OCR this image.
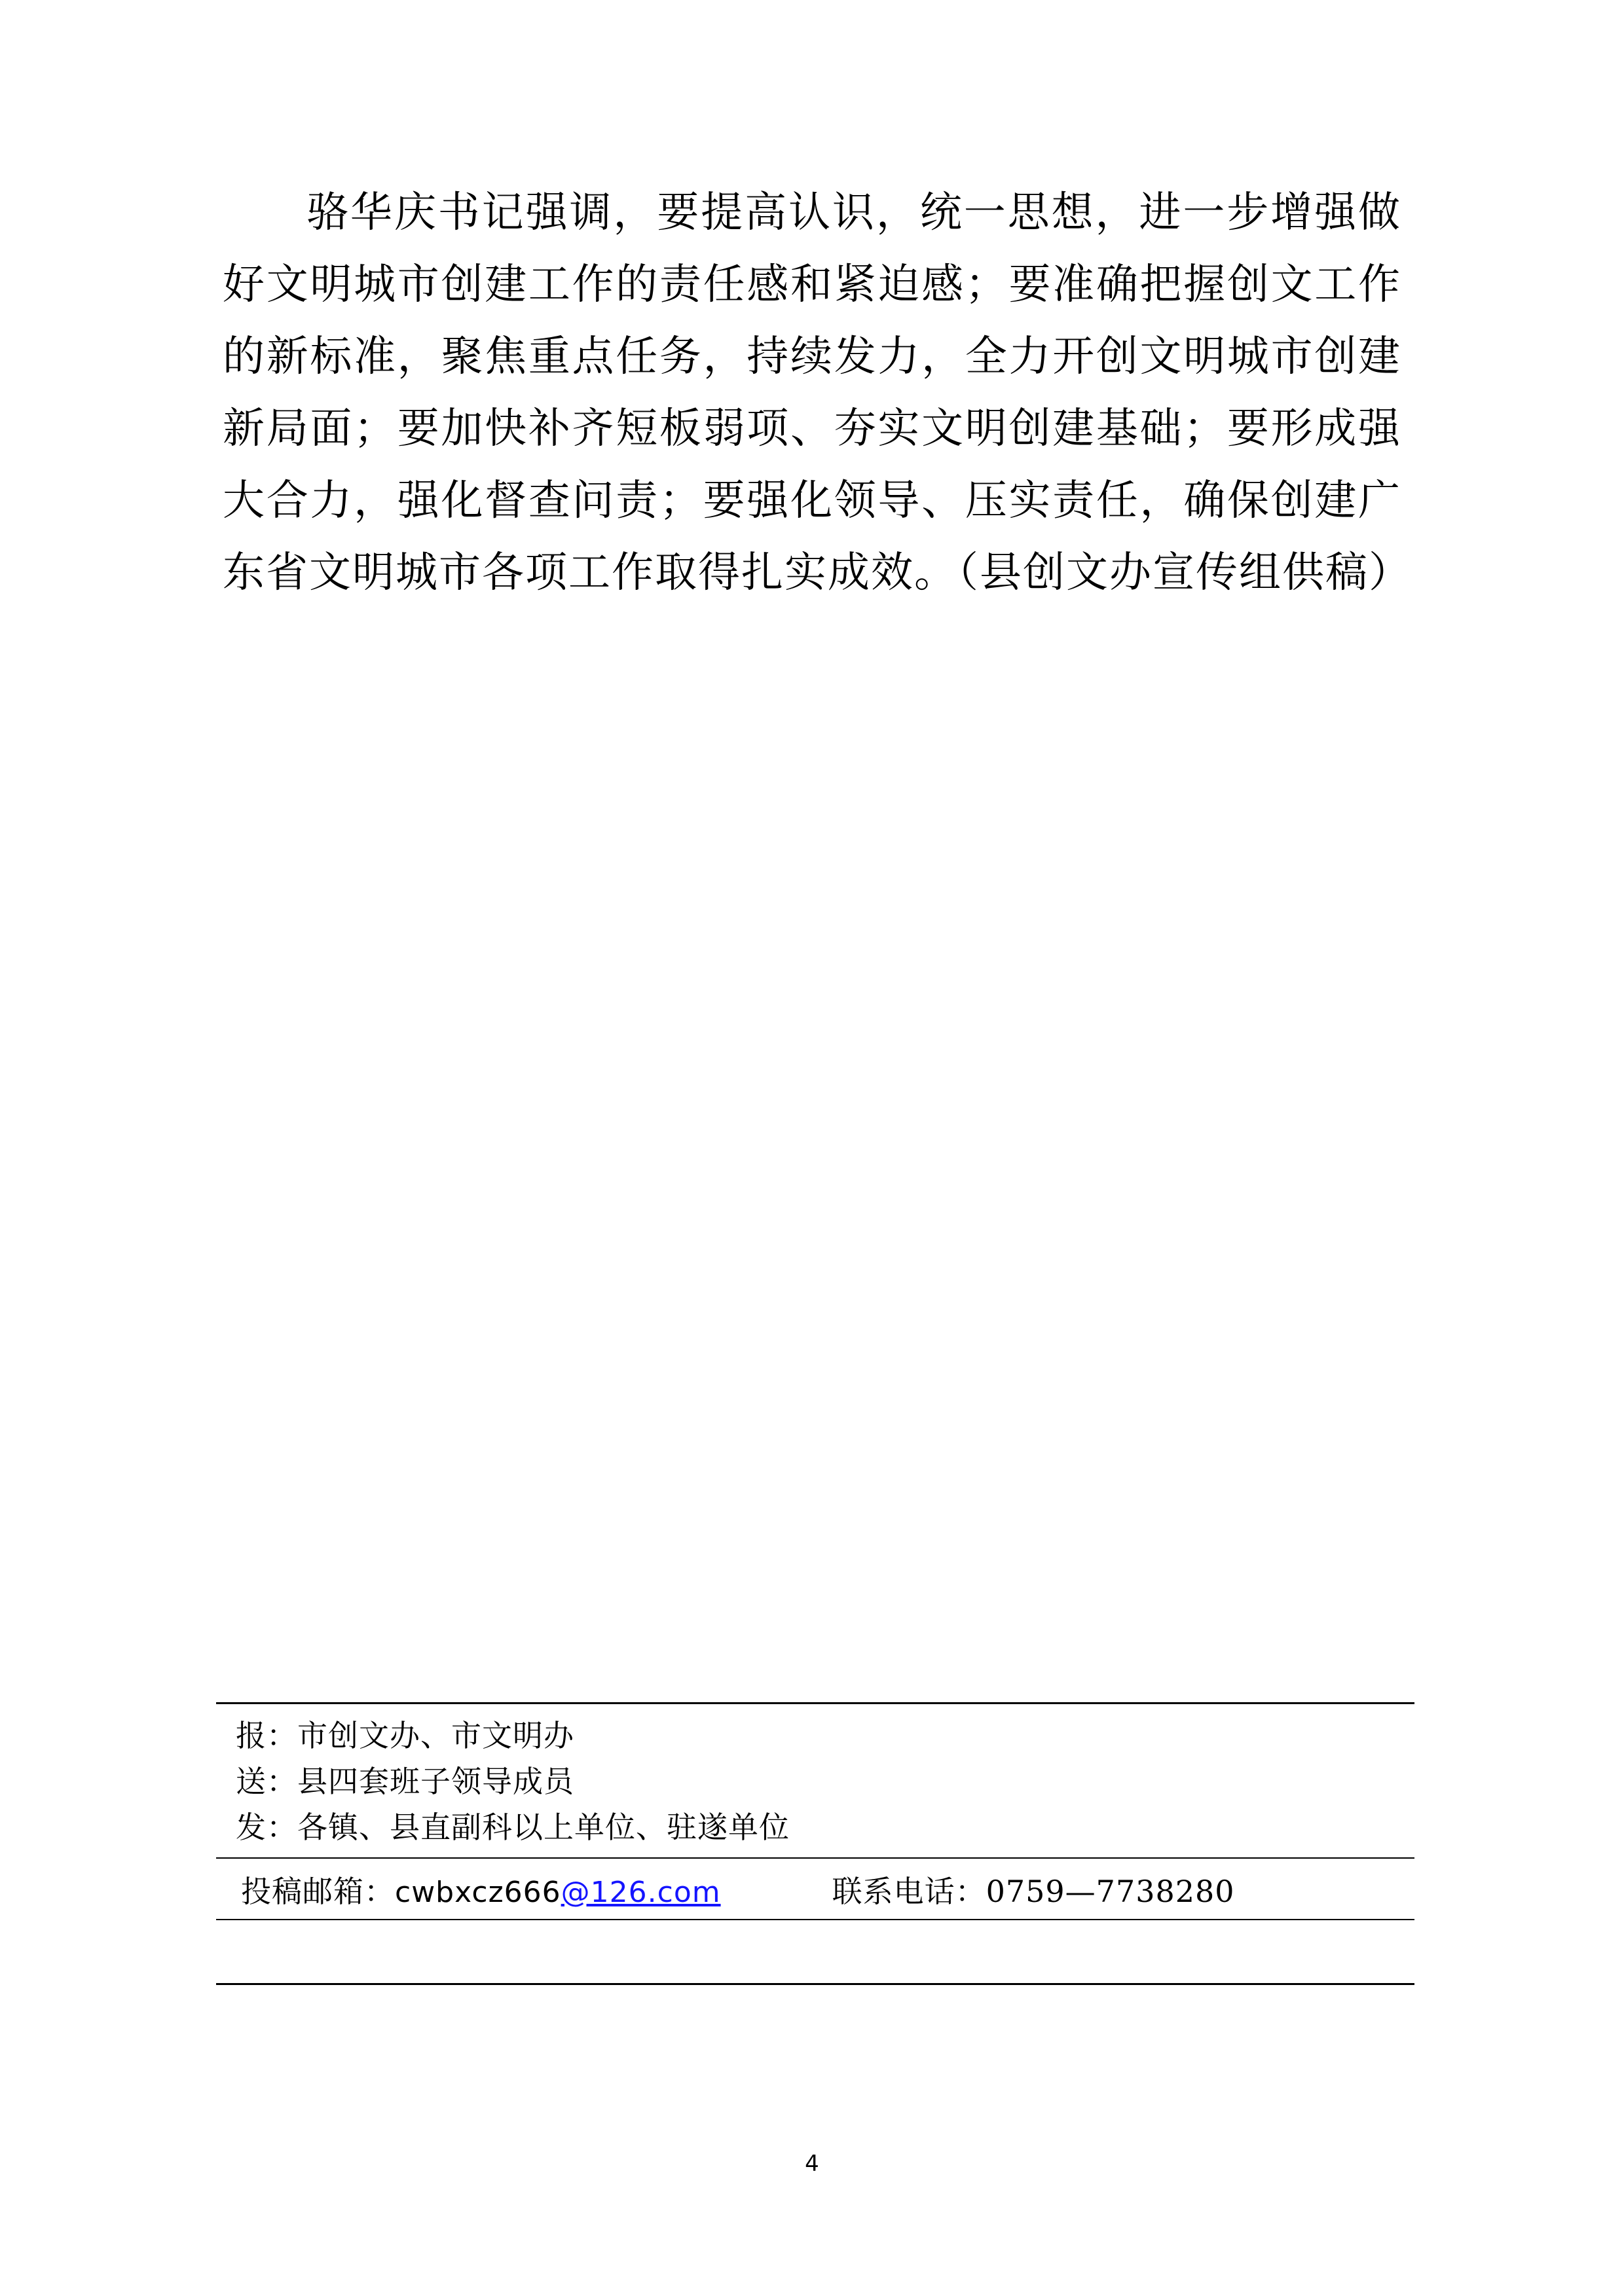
骆华庆书记强调，要提高认识，统一思想，进一步增强做好文明城市创建工作的责任感和紧迫感；要准确把握创文工作的新标准，聚焦重点任务，持续发力，全力开创文明城市创建新局面；要加快补齐短板弱项、夯实文明创建基础；要形成强大合力，强化督查问责；要强化领导、压实责任，确保创建广东省文明城市各项工作取得扎实成效。（县创文办宣传组供稿）

报：市创文办、市文明办
送：县四套班子领导成员
发：各镇、县直副科以上单位、驻遂单位
投稿邮箱： cwbxcz666 @126.com	联系电话： 0759—7738280
4
